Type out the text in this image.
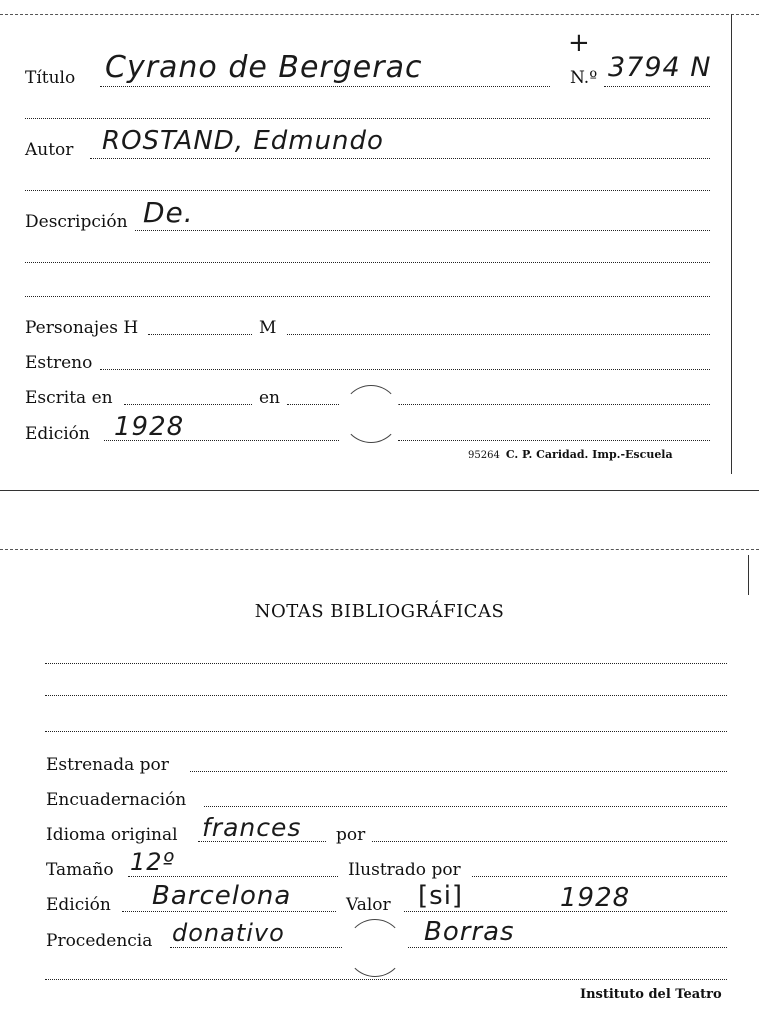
Título Cyrano de Bergerac
+
N.º 3794 N
Autor ROSTAND, Edmundo
Descripción De.
Personajes H	M
Estreno
Escrita en	en
Edición 1928
95264 C. P. Caridad. Imp.-Escuela
NOTAS BIBLIOGRÁFICAS
Estrenada por
Encuadernación
Idioma original frances por
Tamaño 12º	Ilustrado por
Edición Barcelona	Valor [si]	1928
Procedencia donativo	Borras
Instituto del Teatro
